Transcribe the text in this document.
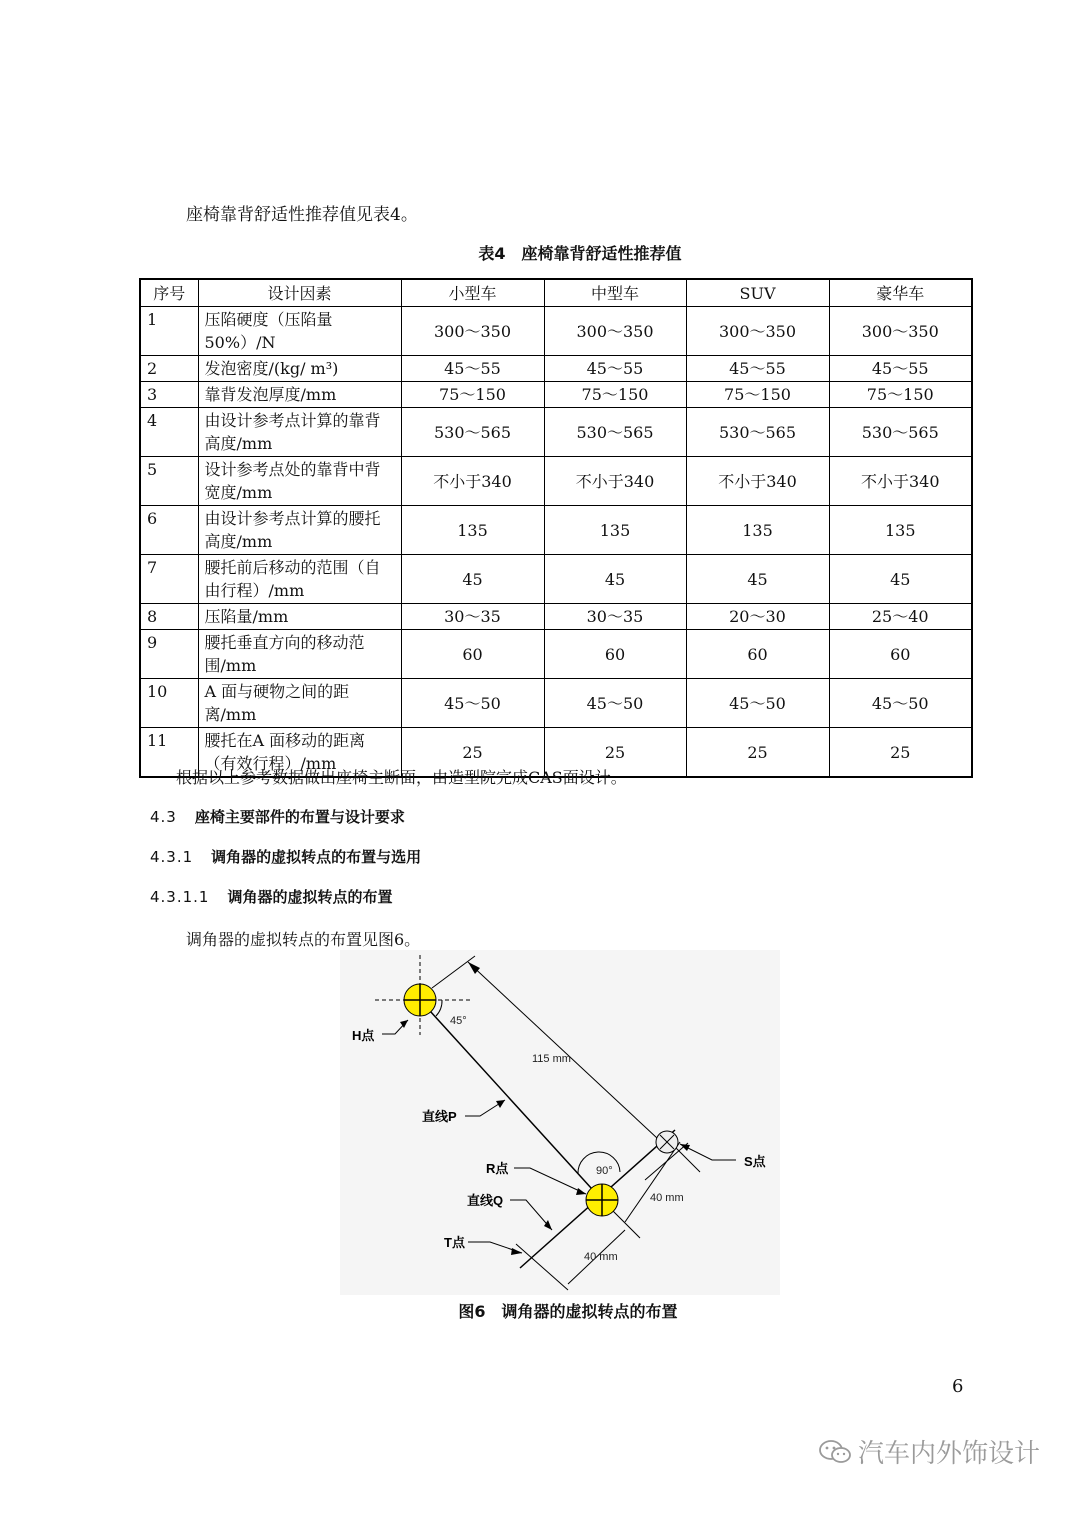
座椅靠背舒适性推荐值见表4。
表4　座椅靠背舒适性推荐值
序号	设计因素	小型车	中型车	SUV	豪华车
1	压陷硬度（压陷量50%）/N	300～350	300～350	300～350	300～350
2	发泡密度/(kg/ m³)	45～55	45～55	45～55	45～55
3	靠背发泡厚度/mm	75～150	75～150	75～150	75～150
4	由设计参考点计算的靠背高度/mm	530～565	530～565	530～565	530～565
5	设计参考点处的靠背中背宽度/mm	不小于340	不小于340	不小于340	不小于340
6	由设计参考点计算的腰托高度/mm	135	135	135	135
7	腰托前后移动的范围（自由行程）/mm	45	45	45	45
8	压陷量/mm	30～35	30～35	20～30	25～40
9	腰托垂直方向的移动范围/mm	60	60	60	60
10	A 面与硬物之间的距离/mm	45～50	45～50	45～50	45～50
11	腰托在A 面移动的距离（有效行程）/mm	25	25	25	25
根据以上参考数据做出座椅主断面，由造型院完成CAS面设计。
4.3 座椅主要部件的布置与设计要求
4.3.1 调角器的虚拟转点的布置与选用
4.3.1.1 调角器的虚拟转点的布置
调角器的虚拟转点的布置见图6。
115 mm
45°
90°
40 mm
40 mm
H点
直线P
R点
直线Q
T点
S点
图6　调角器的虚拟转点的布置
6
汽车内外饰设计
